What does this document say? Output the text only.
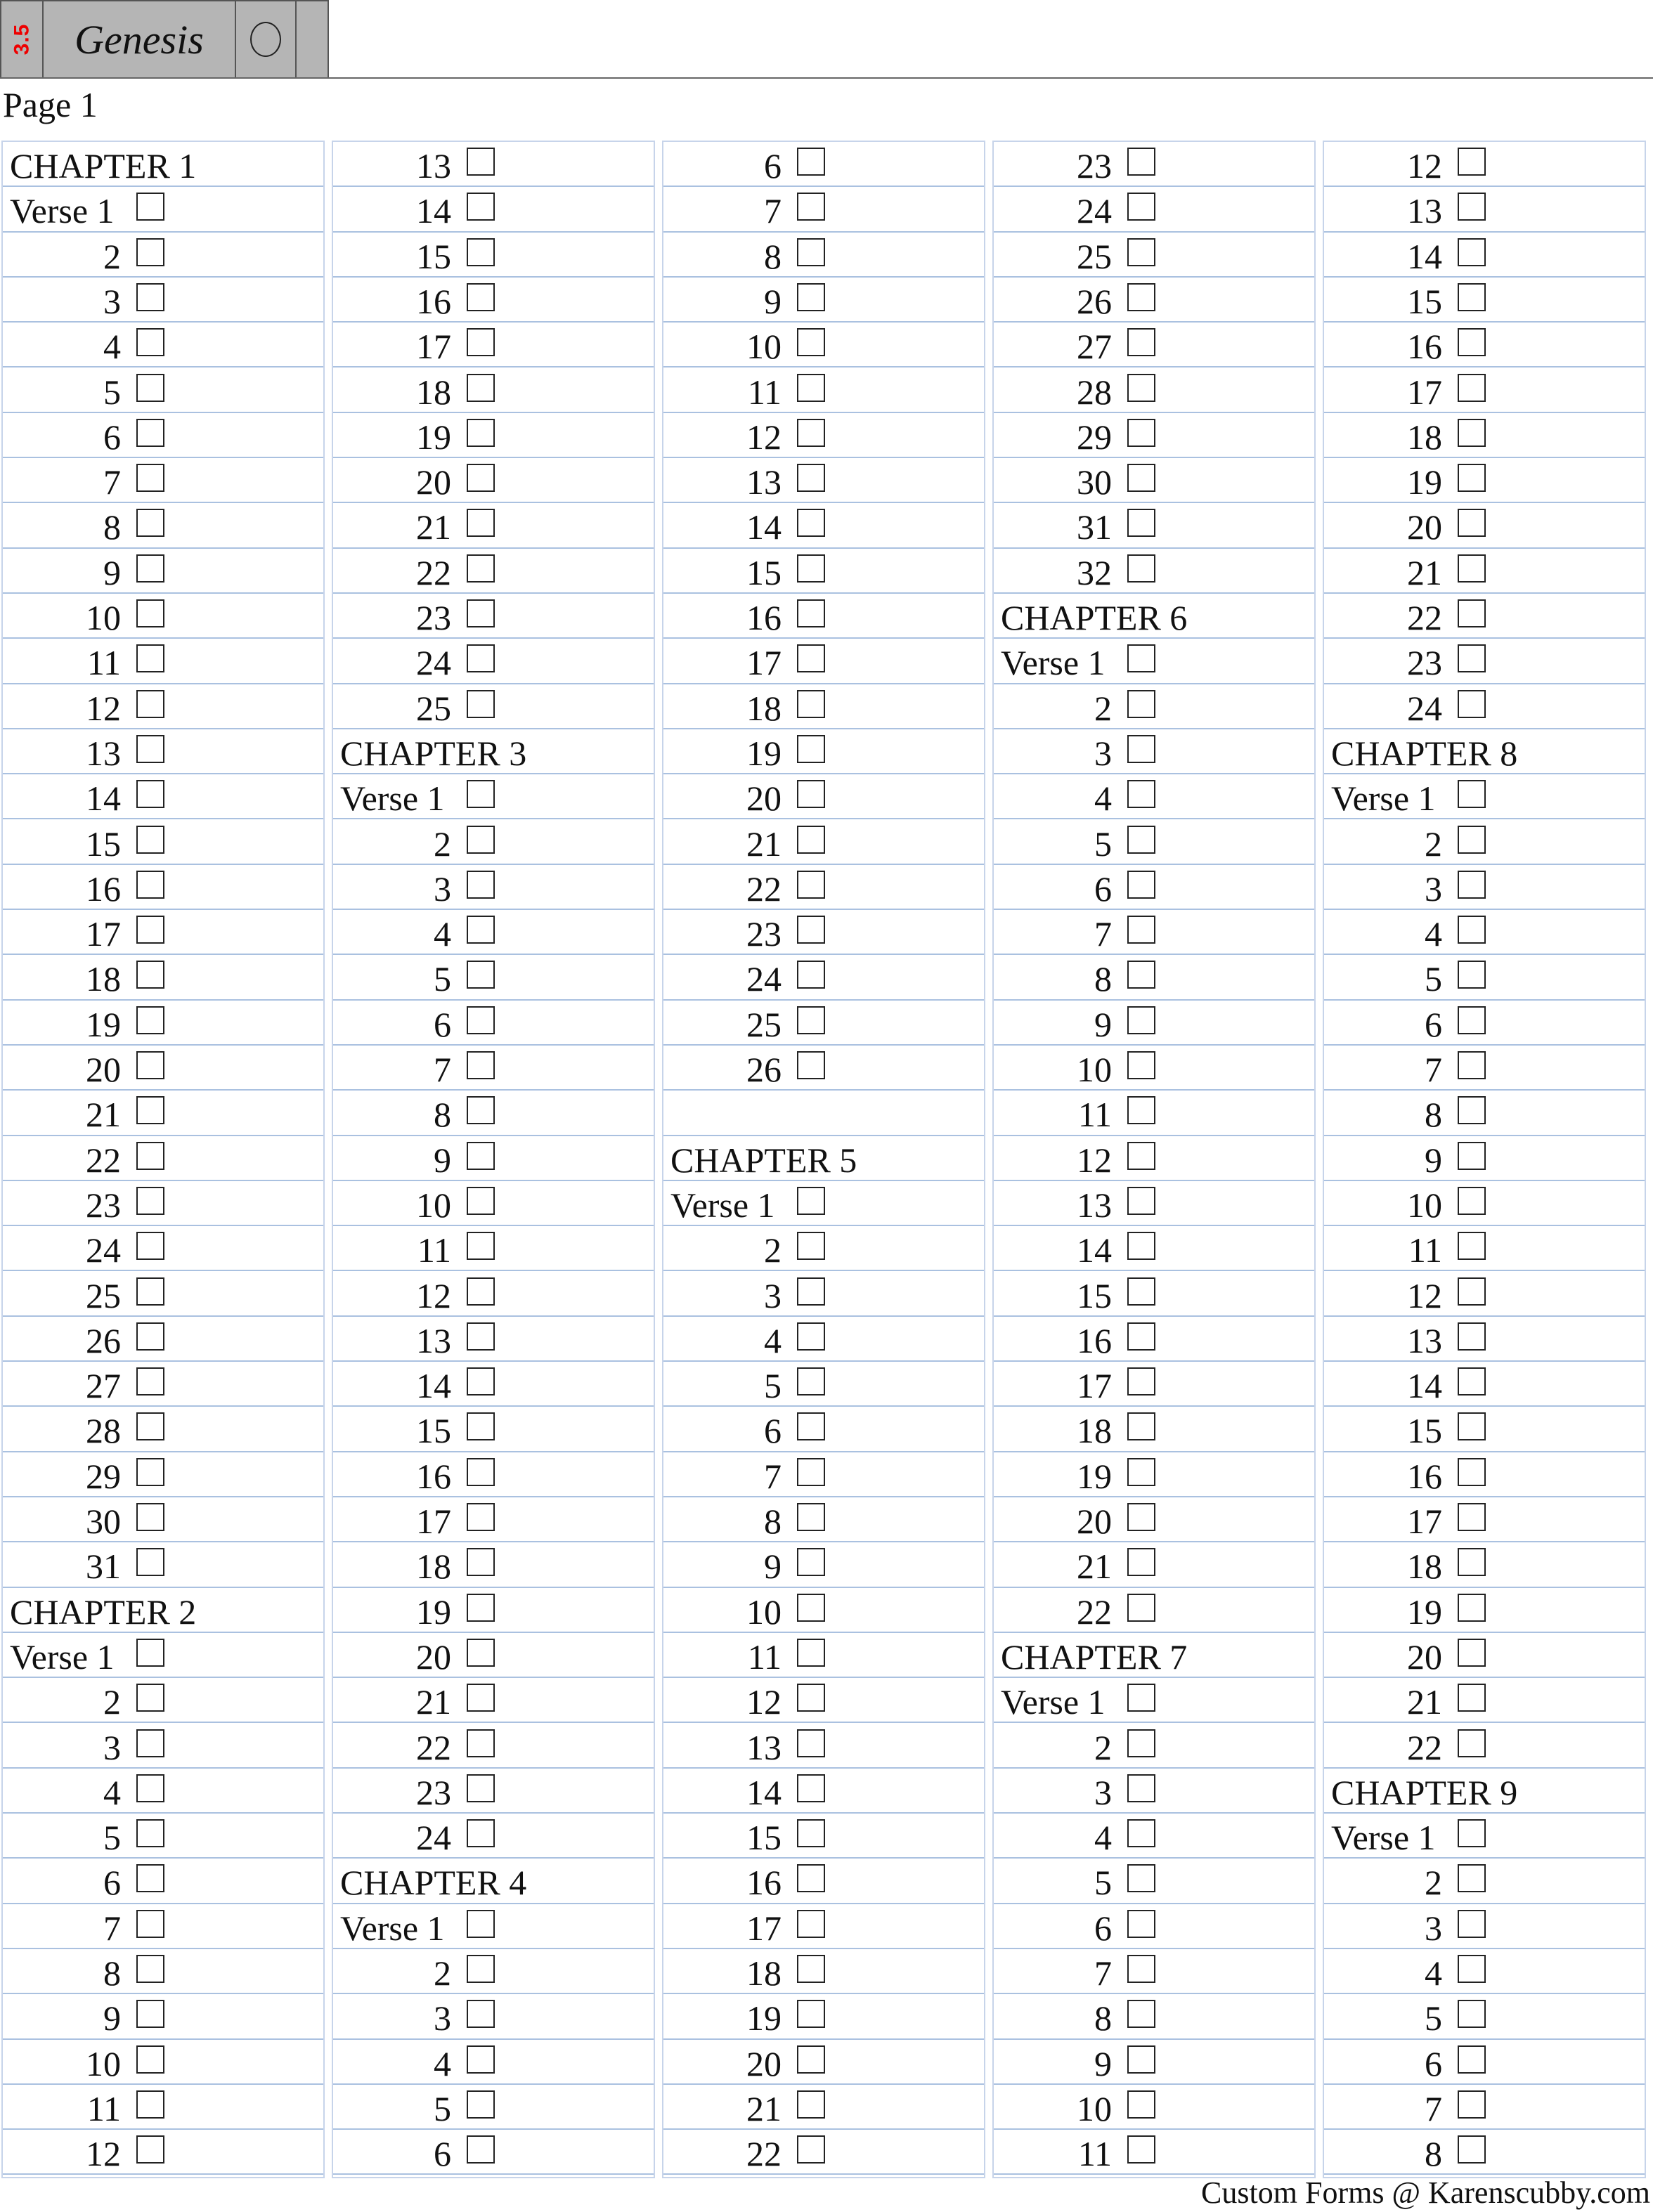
3.5 Genesis
Page 1
CHAPTER 1
Verse 1
2
3
4
5
6
7
8
9
10
11
12
13
14
15
16
17
18
19
20
21
22
23
24
25
26
27
28
29
30
31
CHAPTER 2
Verse 1
2
3
4
5
6
7
8
9
10
11
12
13
14
15
16
17
18
19
20
21
22
23
24
25
CHAPTER 3
Verse 1
2
3
4
5
6
7
8
9
10
11
12
13
14
15
16
17
18
19
20
21
22
23
24
CHAPTER 4
Verse 1
2
3
4
5
6
6
7
8
9
10
11
12
13
14
15
16
17
18
19
20
21
22
23
24
25
26
CHAPTER 5
Verse 1
2
3
4
5
6
7
8
9
10
11
12
13
14
15
16
17
18
19
20
21
22
23
24
25
26
27
28
29
30
31
32
CHAPTER 6
Verse 1
2
3
4
5
6
7
8
9
10
11
12
13
14
15
16
17
18
19
20
21
22
CHAPTER 7
Verse 1
2
3
4
5
6
7
8
9
10
11
12
13
14
15
16
17
18
19
20
21
22
23
24
CHAPTER 8
Verse 1
2
3
4
5
6
7
8
9
10
11
12
13
14
15
16
17
18
19
20
21
22
CHAPTER 9
Verse 1
2
3
4
5
6
7
8
Custom Forms @ Karenscubby.com
